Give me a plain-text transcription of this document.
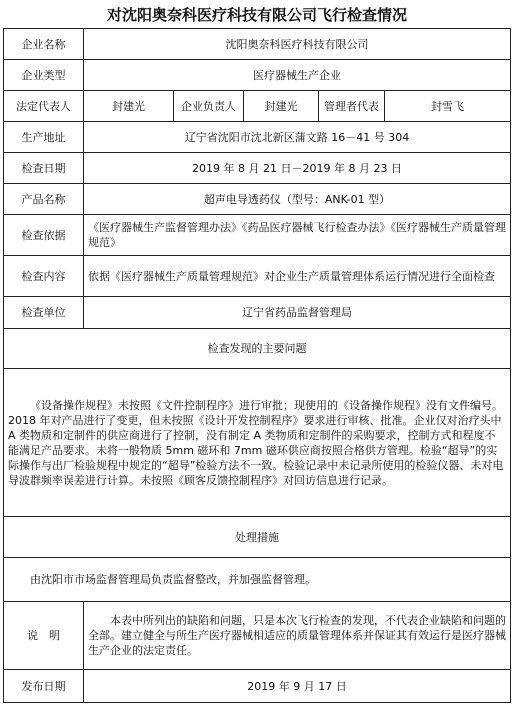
对沈阳奥奈科医疗科技有限公司飞行检查情况
企业名称	沈阳奥奈科医疗科技有限公司				
企业类型	医疗器械生产企业				
法定代表人	封建光	企业负责人	封建光	管理者代表	封雪飞
生产地址	辽宁省沈阳市沈北新区蒲文路 16－41 号 304				
检查日期	2019 年 8 月 21 日－2019 年 8 月 23 日				
产品名称	超声电导透药仪（型号：ANK-01 型）				
检查依据	《医疗器械生产监督管理办法》《药品医疗器械飞行检查办法》《医疗器械生产质量管理规范》				
检查内容	依据《医疗器械生产质量管理规范》对企业生产质量管理体系运行情况进行全面检查				
检查单位	辽宁省药品监督管理局				
检查发现的主要问题					

《设备操作规程》未按照《文件控制程序》进行审批；现使用的《设备操作规程》没有文件编号。2018 年对产品进行了变更，但未按照《设计开发控制程序》要求进行审核、批准。企业仅对治疗头中 A 类物质和定制件的供应商进行了控制，没有制定 A 类物质和定制件的采购要求，控制方式和程度不能满足产品要求。未将一般物质 5mm 磁环和 7mm 磁环供应商按照合格供方管理。检验“超导”的实际操作与出厂检验规程中规定的“超导”检验方法不一致。检验记录中未记录所使用的检验仪器、未对电导波群频率误差进行计算。未按照《顾客反馈控制程序》对回访信息进行记录。					

处理措施					

由沈阳市市场监督管理局负责监督整改，并加强监督管理。					

说　明	本表中所列出的缺陷和问题，只是本次飞行检查的发现，不代表企业缺陷和问题的全部。建立健全与所生产医疗器械相适应的质量管理体系并保证其有效运行是医疗器械生产企业的法定责任。				

发布日期	2019 年 9 月 17 日				
